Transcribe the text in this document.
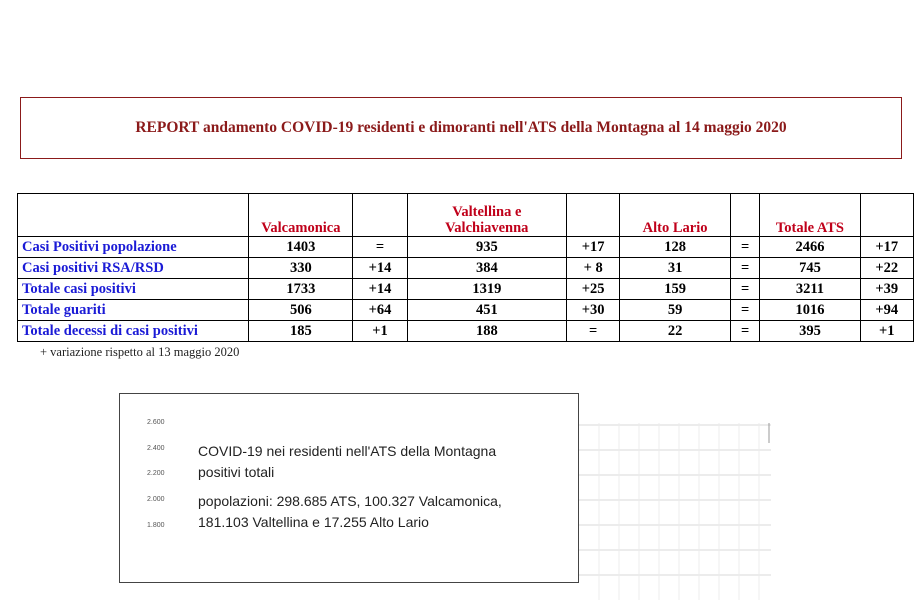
REPORT andamento COVID-19 residenti e dimoranti nell'ATS della Montagna al 14 maggio 2020
	Valcamonica		Valtellina e Valchiavenna		Alto Lario		Totale ATS	
Casi Positivi popolazione	1403	=	935	+17	128	=	2466	+17
Casi positivi RSA/RSD	330	+14	384	+ 8	31	=	745	+22
Totale casi positivi	1733	+14	1319	+25	159	=	3211	+39
Totale guariti	506	+64	451	+30	59	=	1016	+94
Totale decessi di casi positivi	185	+1	188	=	22	=	395	+1
+ variazione rispetto al 13 maggio 2020
2.600
2.400
2.200
2.000
1.800
COVID-19 nei residenti nell'ATS della Montagna
positivi totali
popolazioni: 298.685 ATS, 100.327 Valcamonica,
181.103 Valtellina e 17.255 Alto Lario
